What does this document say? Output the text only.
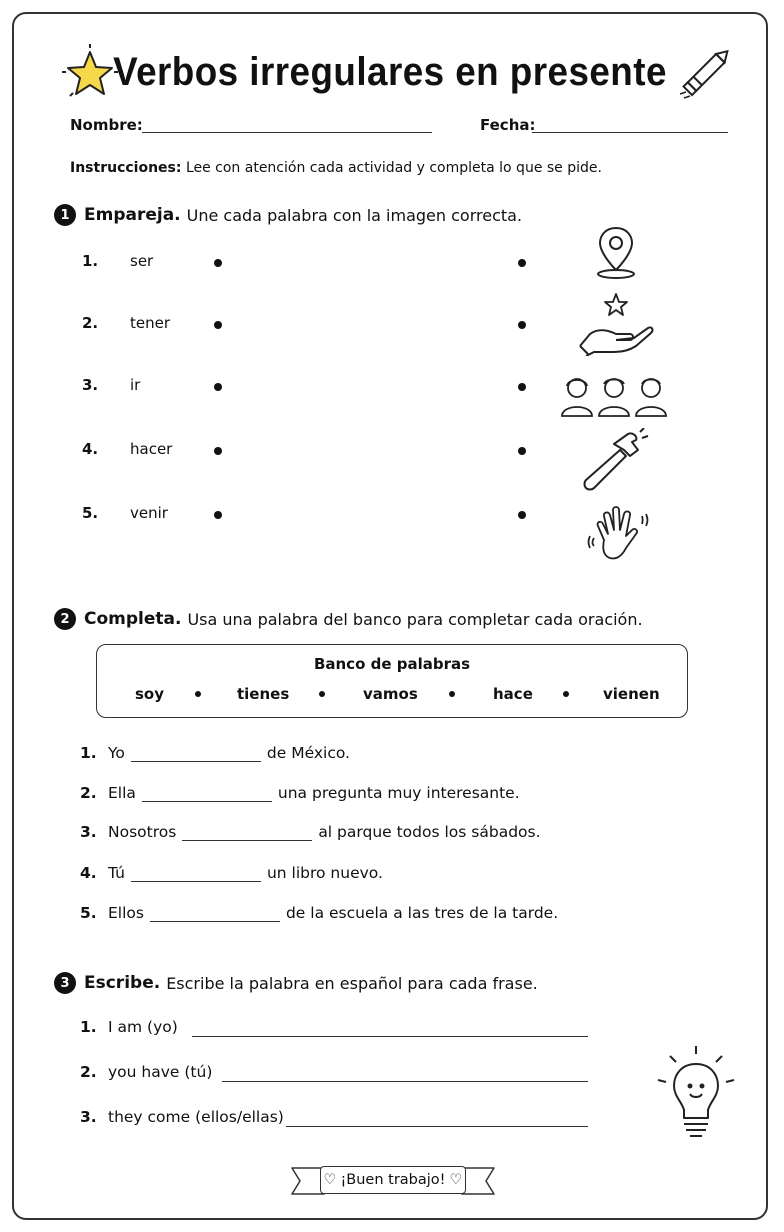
Verbos irregulares en presente
Nombre:	Fecha:
Instrucciones: Lee con atención cada actividad y completa lo que se pide.
1 Empareja. Une cada palabra con la imagen correcta.
1. ser
2. tener
3. ir
4. hacer
5. venir
2 Completa. Usa una palabra del banco para completar cada oración.
Banco de palabras
soy	tienes	vamos	hace	vienen
1. Yo	de México.
2. Ella	una pregunta muy interesante.
3. Nosotros	al parque todos los sábados.
4. Tú	un libro nuevo.
5. Ellos	de la escuela a las tres de la tarde.
3 Escribe. Escribe la palabra en español para cada frase.
1. I am (yo)
2. you have (tú)
3. they come (ellos/ellas)
♡ ¡Buen trabajo! ♡
